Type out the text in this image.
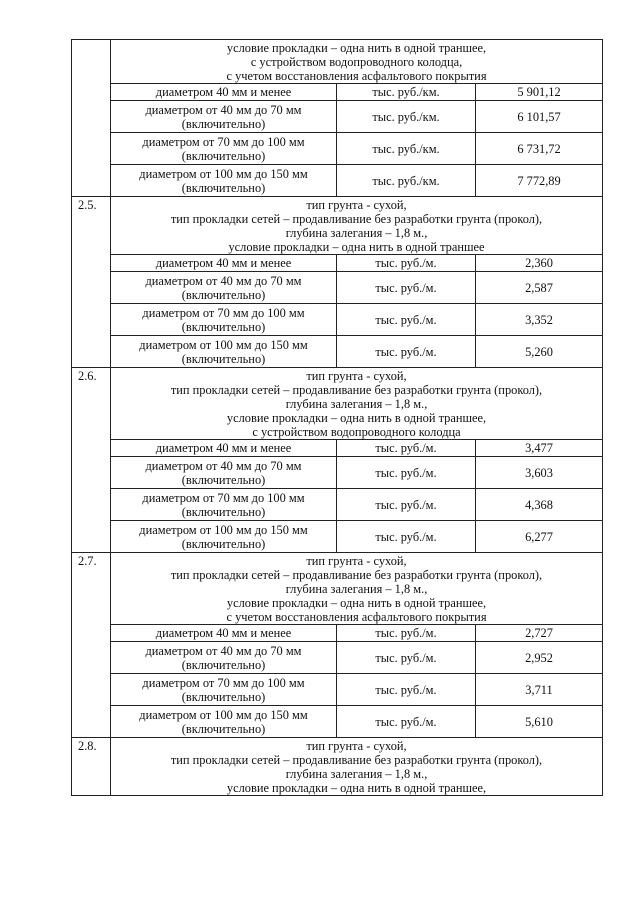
	условие прокладки – одна нить в одной траншее,
с устройством водопроводного колодца,
с учетом восстановления асфальтового покрытия		

	диаметром 40 мм и менее	тыс. руб./км.	5 901,12

	диаметром от 40 мм до 70 мм
(включительно)	тыс. руб./км.	6 101,57

	диаметром от 70 мм до 100 мм
(включительно)	тыс. руб./км.	6 731,72

	диаметром от 100 мм до 150 мм
(включительно)	тыс. руб./км.	7 772,89
2.5.	тип грунта - сухой,
тип прокладки сетей – продавливание без разработки грунта (прокол),
глубина залегания – 1,8 м.,
условие прокладки – одна нить в одной траншее		

	диаметром 40 мм и менее	тыс. руб./м.	2,360

	диаметром от 40 мм до 70 мм
(включительно)	тыс. руб./м.	2,587

	диаметром от 70 мм до 100 мм
(включительно)	тыс. руб./м.	3,352

	диаметром от 100 мм до 150 мм
(включительно)	тыс. руб./м.	5,260
2.6.	тип грунта - сухой,
тип прокладки сетей – продавливание без разработки грунта (прокол),
глубина залегания – 1,8 м.,
условие прокладки – одна нить в одной траншее,
с устройством водопроводного колодца		

	диаметром 40 мм и менее	тыс. руб./м.	3,477

	диаметром от 40 мм до 70 мм
(включительно)	тыс. руб./м.	3,603

	диаметром от 70 мм до 100 мм
(включительно)	тыс. руб./м.	4,368

	диаметром от 100 мм до 150 мм
(включительно)	тыс. руб./м.	6,277
2.7.	тип грунта - сухой,
тип прокладки сетей – продавливание без разработки грунта (прокол),
глубина залегания – 1,8 м.,
условие прокладки – одна нить в одной траншее,
с учетом восстановления асфальтового покрытия		

	диаметром 40 мм и менее	тыс. руб./м.	2,727

	диаметром от 40 мм до 70 мм
(включительно)	тыс. руб./м.	2,952

	диаметром от 70 мм до 100 мм
(включительно)	тыс. руб./м.	3,711

	диаметром от 100 мм до 150 мм
(включительно)	тыс. руб./м.	5,610
2.8.	тип грунта - сухой,
тип прокладки сетей – продавливание без разработки грунта (прокол),
глубина залегания – 1,8 м.,
условие прокладки – одна нить в одной траншее,		
